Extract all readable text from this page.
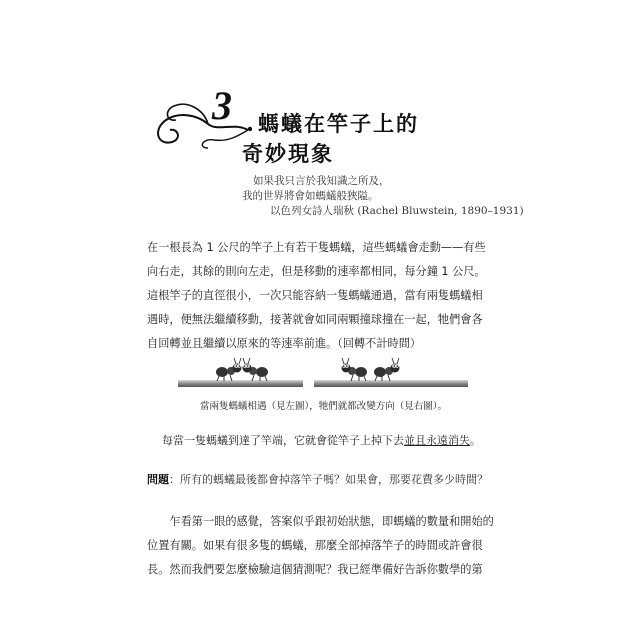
3 螞蟻在竿子上的
奇妙現象
如果我只言於我知識之所及，
我的世界將會如螞蟻般狹隘。
以色列女詩人瑞秋 (Rachel Bluwstein, 1890–1931)

在一根長為 1 公尺的竿子上有若干隻螞蟻，這些螞蟻會走動——有些

向右走，其餘的則向左走，但是移動的速率都相同，每分鐘 1 公尺。

這根竿子的直徑很小，一次只能容納一隻螞蟻通過，當有兩隻螞蟻相

遇時，便無法繼續移動，接著就會如同兩顆撞球撞在一起，牠們會各

自回轉並且繼續以原來的等速率前進。（回轉不計時間）

當兩隻螞蟻相遇（見左圖），牠們就都改變方向（見右圖）。
每當一隻螞蟻到達了竿端，它就會從竿子上掉下去並且永遠消失。
問題：所有的螞蟻最後都會掉落竿子嗎？如果會，那要花費多少時間？

　　乍看第一眼的感覺，答案似乎跟初始狀態，即螞蟻的數量和開始的

位置有關。如果有很多隻的螞蟻，那麼全部掉落竿子的時間或許會很

長。然而我們要怎麼檢驗這個猜測呢？我已經準備好告訴你數學的第
